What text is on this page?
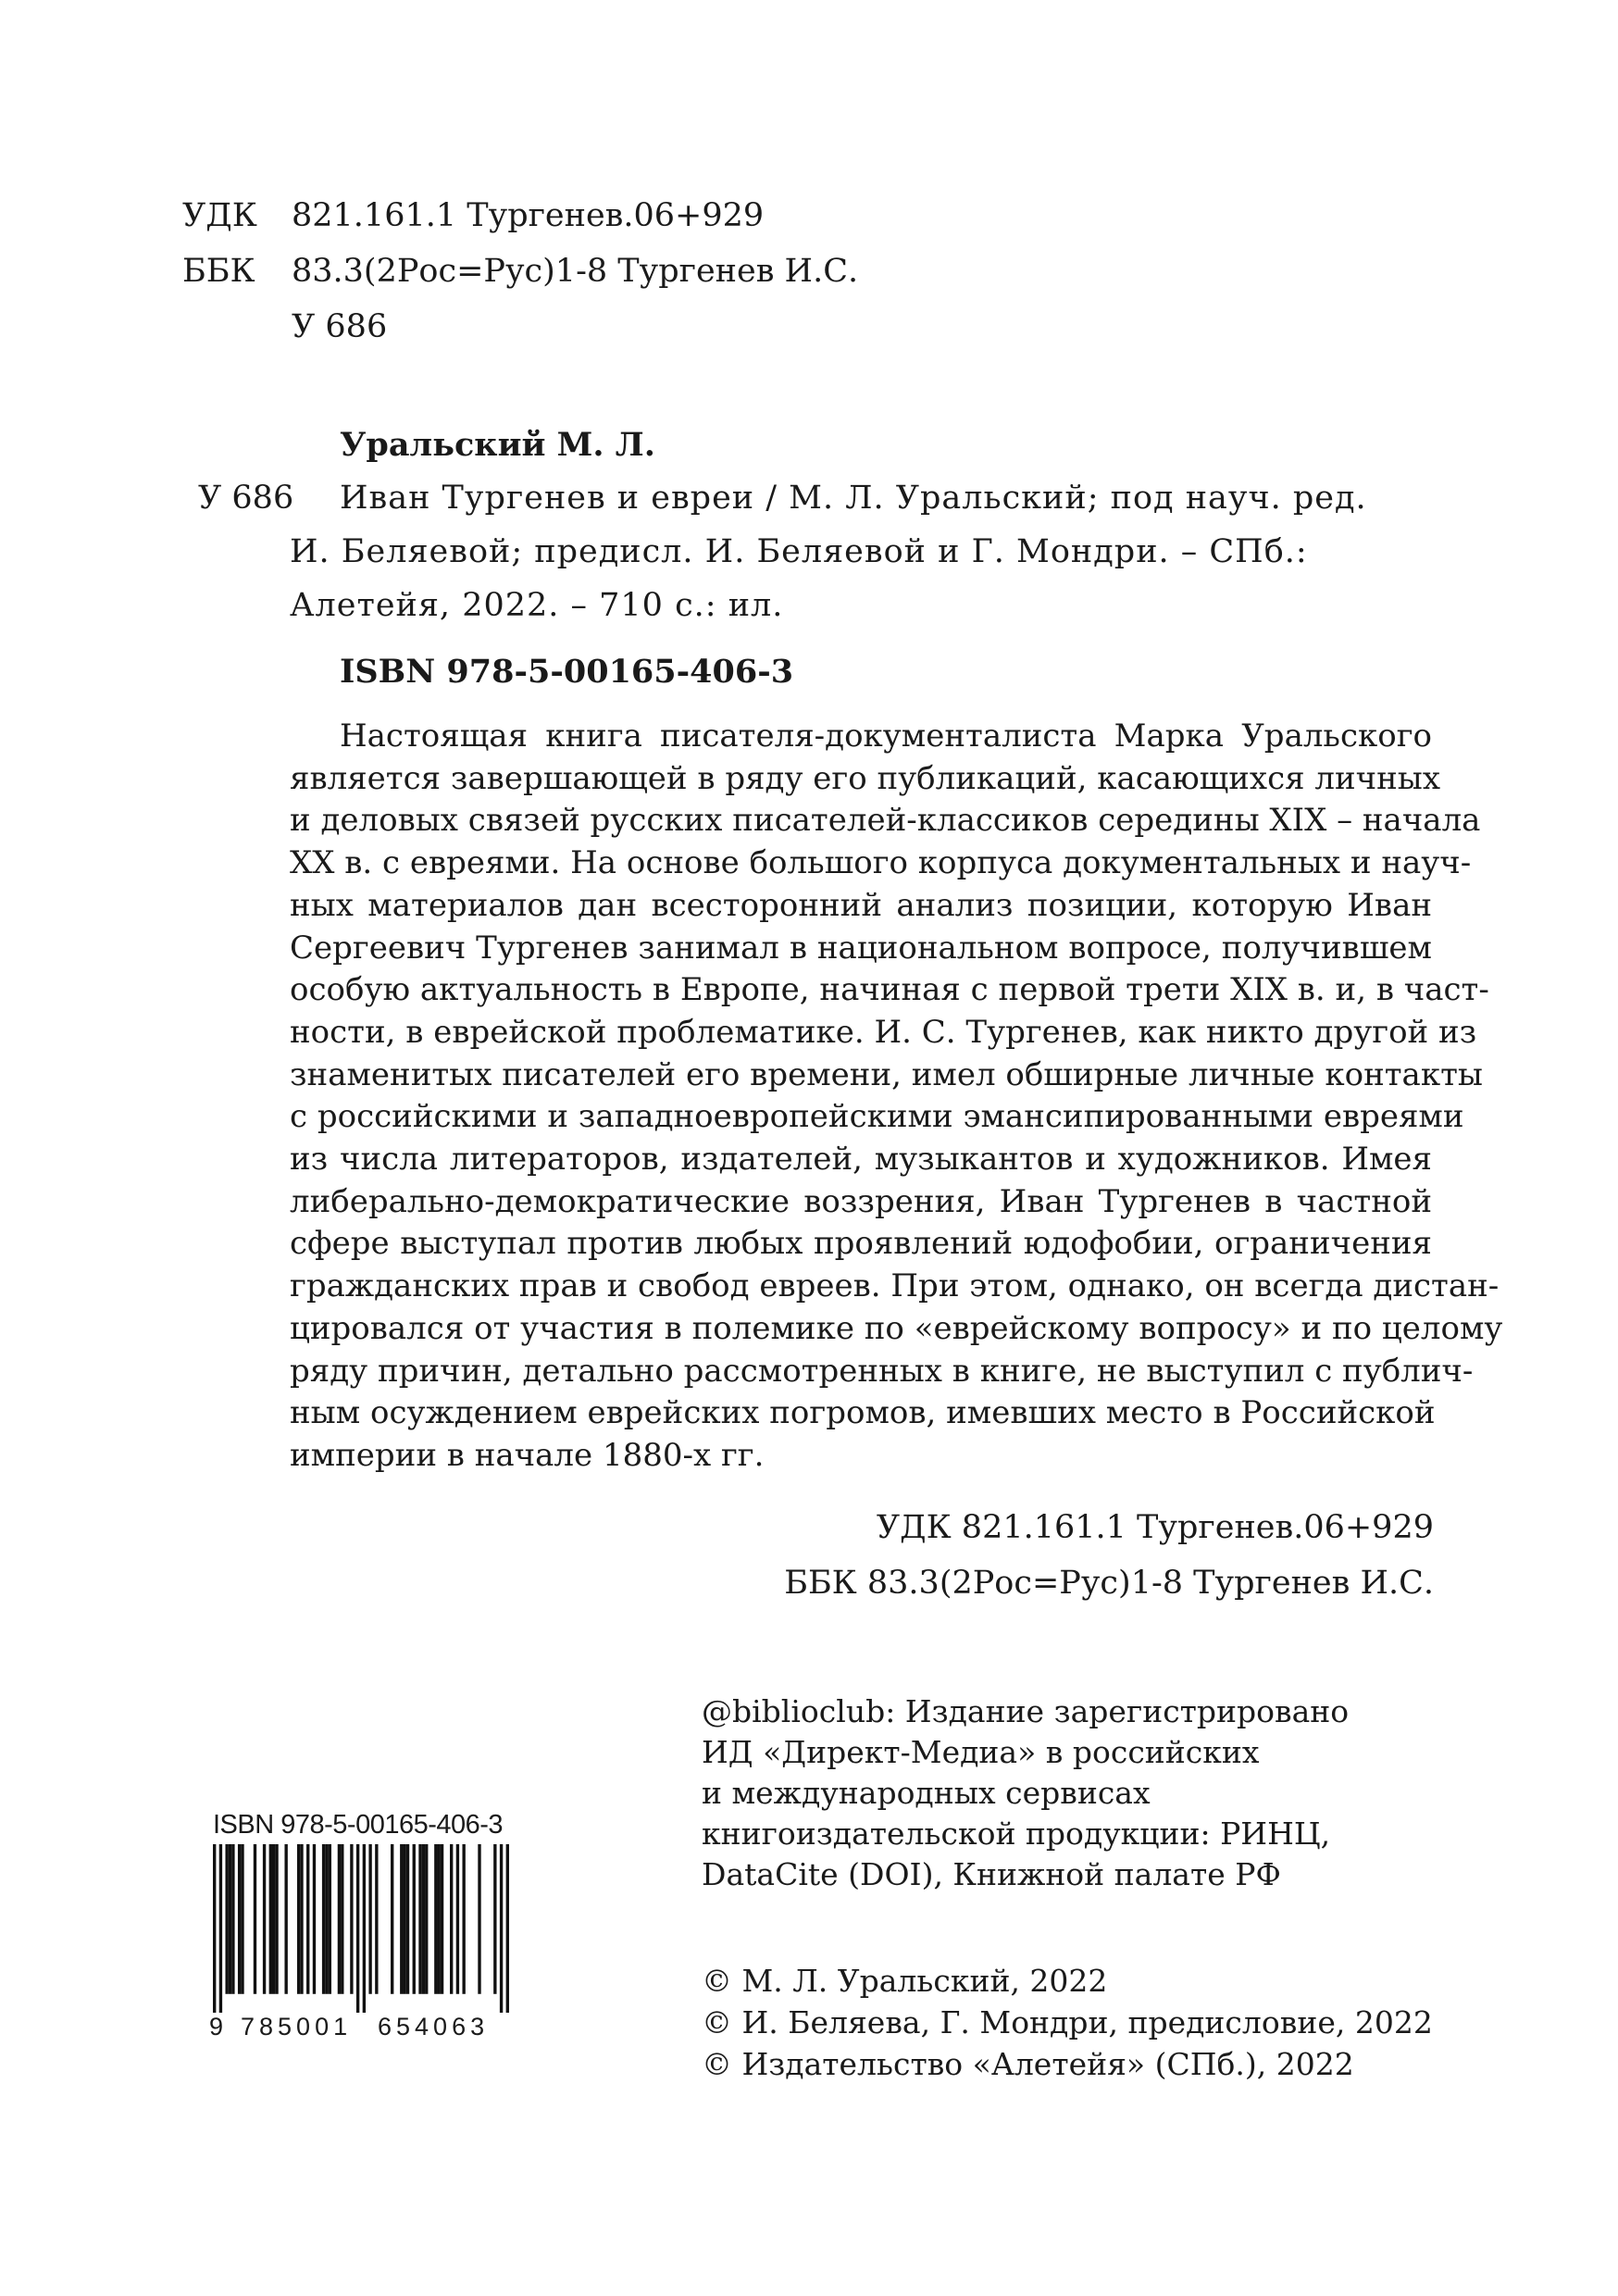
УДК 821.161.1 Тургенев.06+929
ББК 83.3(2Рос=Рус)1-8 Тургенев И.С.
У 686
Уральский М. Л.
У 686 Иван Тургенев и евреи / М. Л. Уральский; под науч. ред.
И. Беляевой; предисл. И. Беляевой и Г. Мондри. – СПб.:
Алетейя, 2022. – 710 с.: ил.
ISBN 978-5-00165-406-3
Настоящая книга писателя-документалиста Марка Уральского
является завершающей в ряду его публикаций, касающихся личных
и деловых связей русских писателей-классиков середины XIX – начала
XX в. с евреями. На основе большого корпуса документальных и науч-
ных материалов дан всесторонний анализ позиции, которую Иван
Сергеевич Тургенев занимал в национальном вопросе, получившем
особую актуальность в Европе, начиная с первой трети XIX в. и, в част-
ности, в еврейской проблематике. И. С. Тургенев, как никто другой из
знаменитых писателей его времени, имел обширные личные контакты
с российскими и западноевропейскими эмансипированными евреями
из числа литераторов, издателей, музыкантов и художников. Имея
либерально-демократические воззрения, Иван Тургенев в частной
сфере выступал против любых проявлений юдофобии, ограничения
гражданских прав и свобод евреев. При этом, однако, он всегда дистан-
цировался от участия в полемике по «еврейскому вопросу» и по целому
ряду причин, детально рассмотренных в книге, не выступил с публич-
ным осуждением еврейских погромов, имевших место в Российской
империи в начале 1880-х гг.
УДК 821.161.1 Тургенев.06+929
ББК 83.3(2Рос=Рус)1-8 Тургенев И.С.
@biblioclub: Издание зарегистрировано
ИД «Директ-Медиа» в российских
и международных сервисах
книгоиздательской продукции: РИНЦ,
DataCite (DOI), Книжной палате РФ
© М. Л. Уральский, 2022
© И. Беляева, Г. Мондри, предисловие, 2022
© Издательство «Алетейя» (СПб.), 2022
ISBN 978-5-00165-406-3
9 785001 654063
